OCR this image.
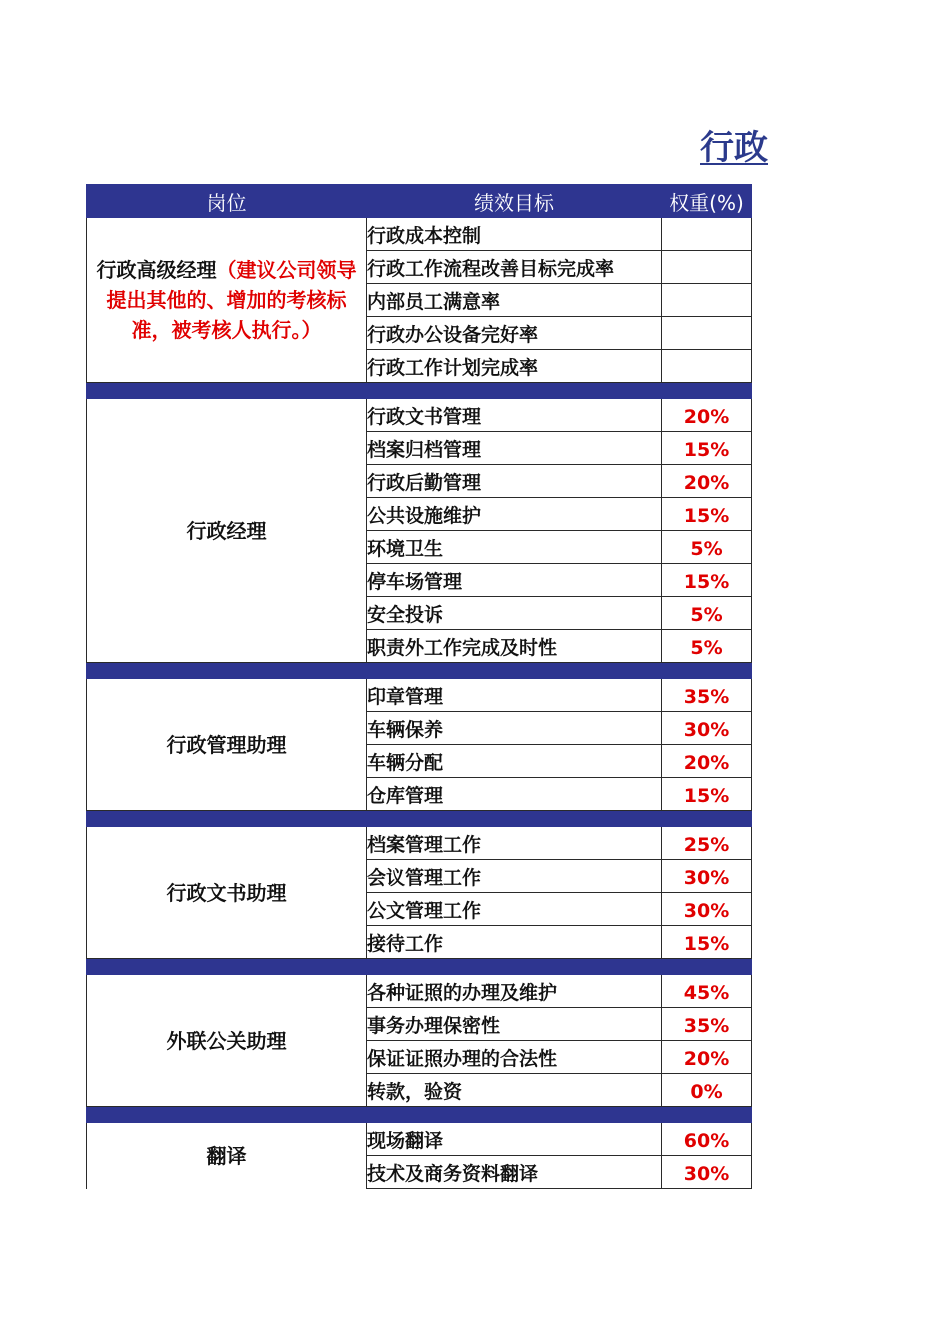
行政
岗位	绩效目标	权重(%)
行政高级经理（建议公司领导提出其他的、增加的考核标准，被考核人执行。）	行政成本控制	
	行政工作流程改善目标完成率	
	内部员工满意率	
	行政办公设备完好率	
	行政工作计划完成率	

行政经理	行政文书管理	20%
	档案归档管理	15%
	行政后勤管理	20%
	公共设施维护	15%
	环境卫生	5%
	停车场管理	15%
	安全投诉	5%
	职责外工作完成及时性	5%

行政管理助理	印章管理	35%
	车辆保养	30%
	车辆分配	20%
	仓库管理	15%

行政文书助理	档案管理工作	25%
	会议管理工作	30%
	公文管理工作	30%
	接待工作	15%

外联公关助理	各种证照的办理及维护	45%
	事务办理保密性	35%
	保证证照办理的合法性	20%
	转款，验资	0%

翻译	现场翻译	60%
	技术及商务资料翻译	30%
